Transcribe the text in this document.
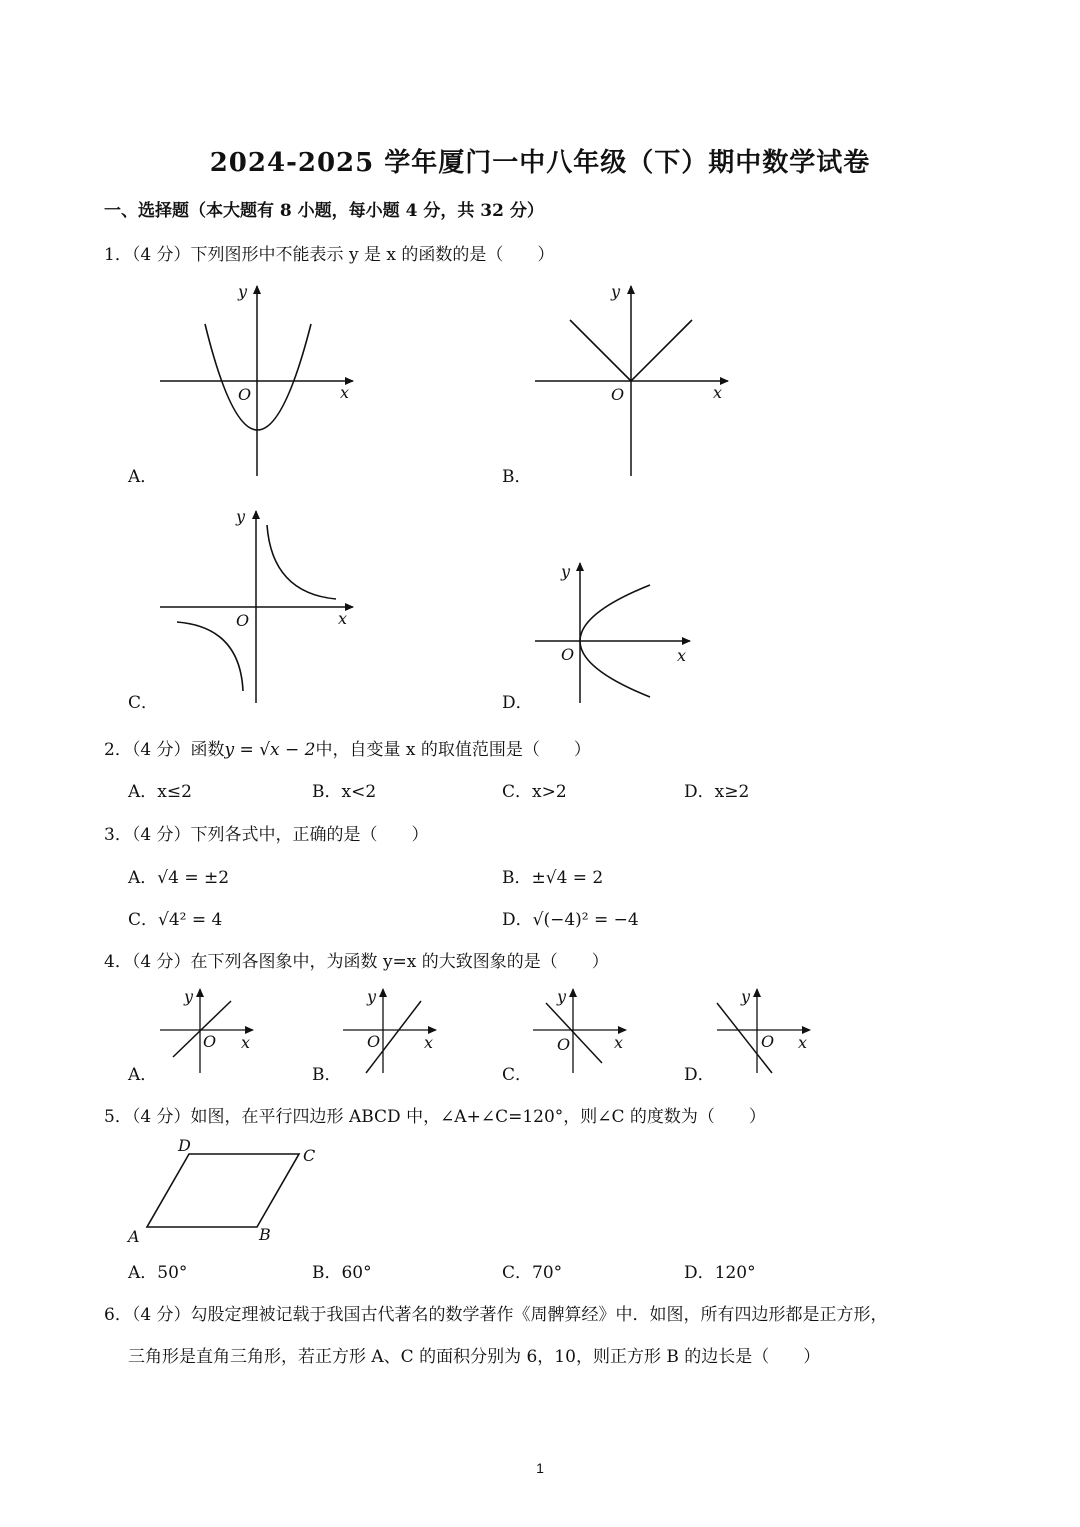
2024-2025 学年厦门一中八年级（下）期中数学试卷
一、选择题（本大题有 8 小题，每小题 4 分，共 32 分）
1．（4 分）下列图形中不能表示 y 是 x 的函数的是（　　）
y
x
O
A．
y
x
O
B．
y
x
O
C．
y
x
O
D．
2．（4 分）函数y = √x − 2中，自变量 x 的取值范围是（　　）
A．x≤2	B．x<2	C．x>2	D．x≥2
3．（4 分）下列各式中，正确的是（　　）
A．√4 = ±2	B．±√4 = 2
C．√4² = 4	D．√(−4)² = −4
4．（4 分）在下列各图象中，为函数 y=x 的大致图象的是（　　）
y
x
O
A．
y
x
O
B．
y
x
O
C．
y
x
O
D．
5．（4 分）如图，在平行四边形 ABCD 中，∠A+∠C=120°，则∠C 的度数为（　　）
A	B
C
D
A．50°	B．60°	C．70°	D．120°
6．（4 分）勾股定理被记载于我国古代著名的数学著作《周髀算经》中．如图，所有四边形都是正方形，
三角形是直角三角形，若正方形 A、C 的面积分别为 6，10，则正方形 B 的边长是（　　）
1
